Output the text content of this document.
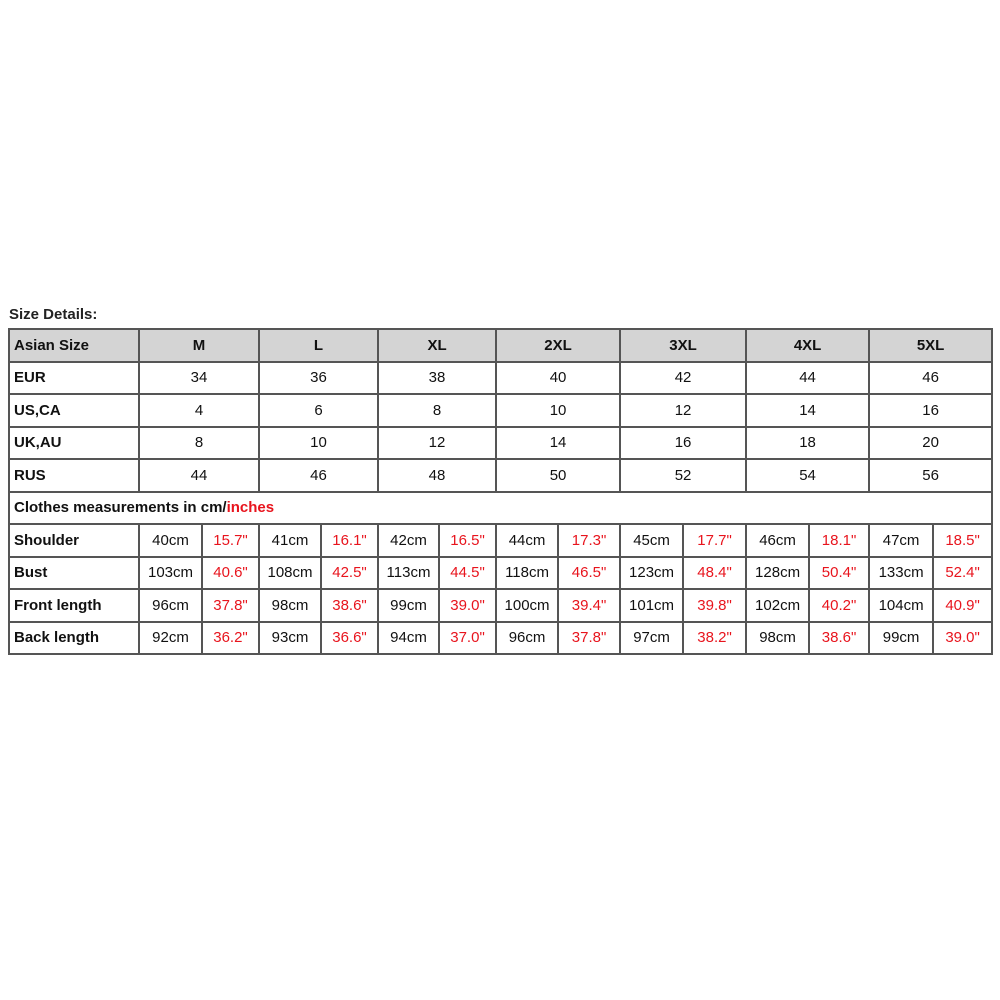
Size Details:
Asian Size	M		L		XL		2XL		3XL		4XL		5XL	
EUR	34		36		38		40		42		44		46	
US,CA	4		6		8		10		12		14		16	
UK,AU	8		10		12		14		16		18		20	
RUS	44		46		48		50		52		54		56	
Clothes measurements in cm/inches														
Shoulder	40cm	15.7"	41cm	16.1"	42cm	16.5"	44cm	17.3"	45cm	17.7"	46cm	18.1"	47cm	18.5"
Bust	103cm	40.6"	108cm	42.5"	113cm	44.5"	118cm	46.5"	123cm	48.4"	128cm	50.4"	133cm	52.4"
Front length	96cm	37.8"	98cm	38.6"	99cm	39.0"	100cm	39.4"	101cm	39.8"	102cm	40.2"	104cm	40.9"
Back length	92cm	36.2"	93cm	36.6"	94cm	37.0"	96cm	37.8"	97cm	38.2"	98cm	38.6"	99cm	39.0"
